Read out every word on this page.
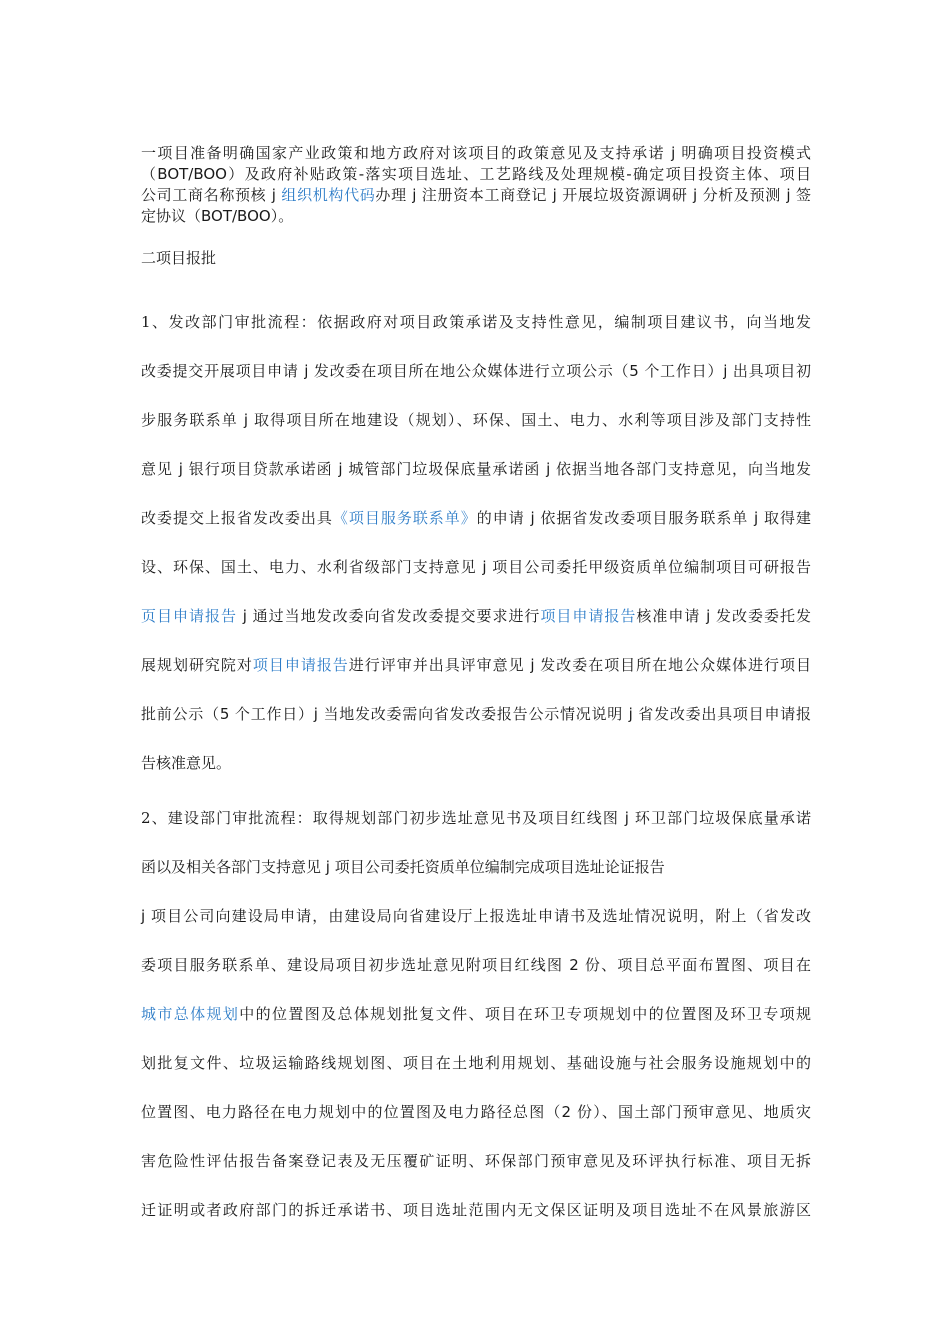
一项目准备明确国家产业政策和地方政府对该项目的政策意见及支持承诺 j 明确项目投资模式
（BOT/BOO）及政府补贴政策-落实项目选址、工艺路线及处理规模-确定项目投资主体、项目
公司工商名称预核 j 组织机构代码办理 j 注册资本工商登记 j 开展垃圾资源调研 j 分析及预测 j 签
定协议（BOT/BOO）。
二项目报批
1、发改部门审批流程：依据政府对项目政策承诺及支持性意见，编制项目建议书，向当地发
改委提交开展项目申请 j 发改委在项目所在地公众媒体进行立项公示（5 个工作日）j 出具项目初
步服务联系单 j 取得项目所在地建设（规划）、环保、国土、电力、水利等项目涉及部门支持性
意见 j 银行项目贷款承诺函 j 城管部门垃圾保底量承诺函 j 依据当地各部门支持意见，向当地发
改委提交上报省发改委出具《项目服务联系单》的申请 j 依据省发改委项目服务联系单 j 取得建
设、环保、国土、电力、水利省级部门支持意见 j 项目公司委托甲级资质单位编制项目可研报告
页目申请报告 j 通过当地发改委向省发改委提交要求进行项目申请报告核准申请 j 发改委委托发
展规划研究院对项目申请报告进行评审并出具评审意见 j 发改委在项目所在地公众媒体进行项目
批前公示（5 个工作日）j 当地发改委需向省发改委报告公示情况说明 j 省发改委出具项目申请报
告核准意见。
2、建设部门审批流程：取得规划部门初步选址意见书及项目红线图 j 环卫部门垃圾保底量承诺
函以及相关各部门支持意见 j 项目公司委托资质单位编制完成项目选址论证报告
j 项目公司向建设局申请，由建设局向省建设厅上报选址申请书及选址情况说明，附上（省发改
委项目服务联系单、建设局项目初步选址意见附项目红线图 2 份、项目总平面布置图、项目在
城市总体规划中的位置图及总体规划批复文件、项目在环卫专项规划中的位置图及环卫专项规
划批复文件、垃圾运输路线规划图、项目在土地利用规划、基础设施与社会服务设施规划中的
位置图、电力路径在电力规划中的位置图及电力路径总图（2 份）、国土部门预审意见、地质灾
害危险性评估报告备案登记表及无压覆矿证明、环保部门预审意见及环评执行标准、项目无拆
迁证明或者政府部门的拆迁承诺书、项目选址范围内无文保区证明及项目选址不在风景旅游区
